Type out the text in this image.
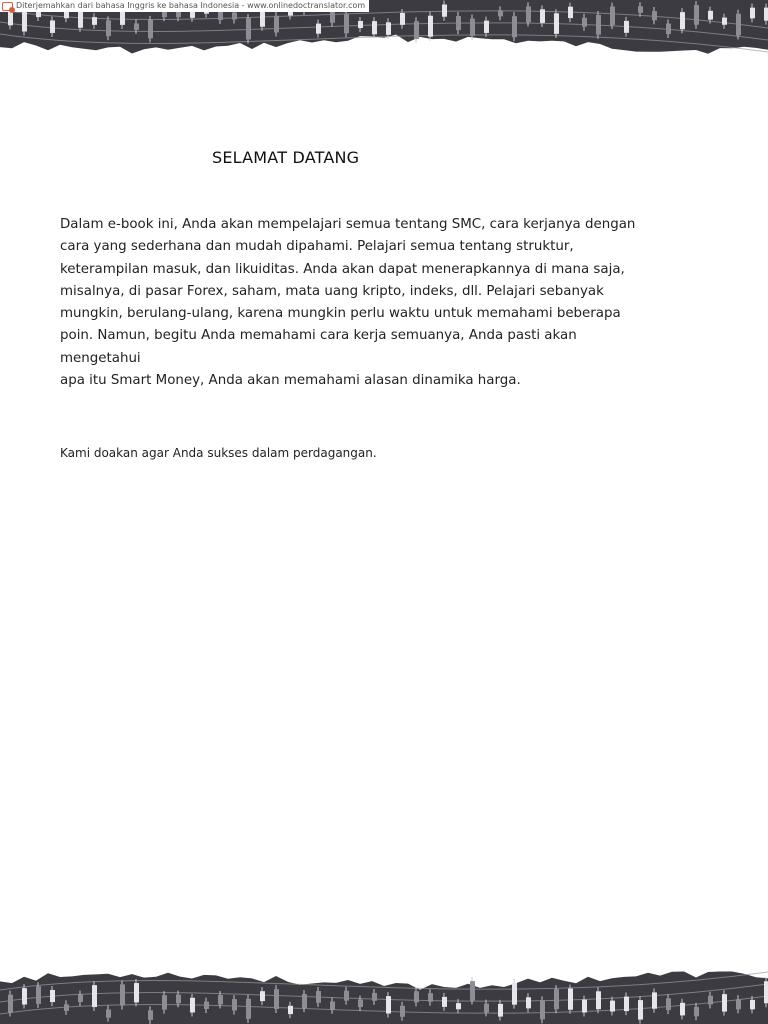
Diterjemahkan dari bahasa Inggris ke bahasa Indonesia - www.onlinedoctranslator.com
SELAMAT DATANG

Dalam e-book ini, Anda akan mempelajari semua tentang SMC, cara kerjanya dengan
cara yang sederhana dan mudah dipahami. Pelajari semua tentang struktur,
keterampilan masuk, dan likuiditas. Anda akan dapat menerapkannya di mana saja,
misalnya, di pasar Forex, saham, mata uang kripto, indeks, dll. Pelajari sebanyak
mungkin, berulang-ulang, karena mungkin perlu waktu untuk memahami beberapa
poin. Namun, begitu Anda memahami cara kerja semuanya, Anda pasti akan mengetahui
apa itu Smart Money, Anda akan memahami alasan dinamika harga.

Kami doakan agar Anda sukses dalam perdagangan.
